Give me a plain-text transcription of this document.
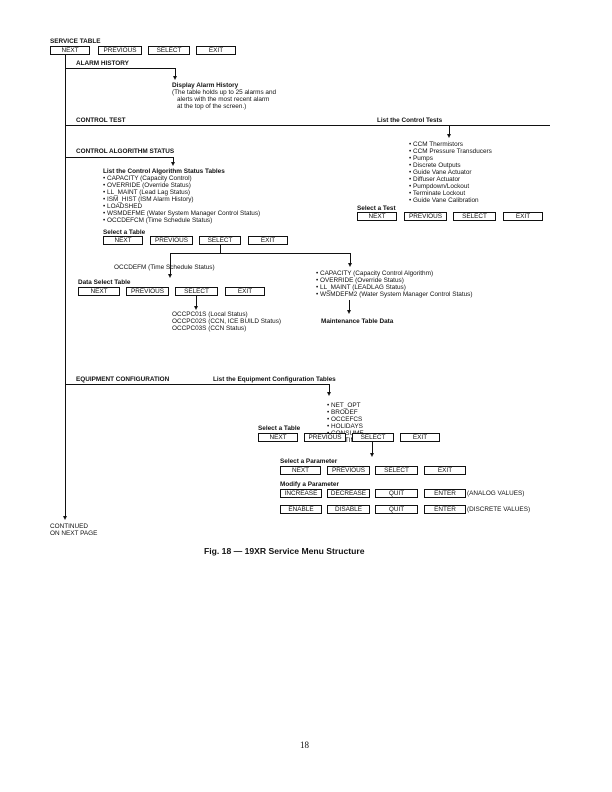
SERVICE TABLE
NEXT	PREVIOUS	SELECT	EXIT
ALARM HISTORY
Display Alarm History
(The table holds up to 25 alarms and
alerts with the most recent alarm
at the top of the screen.)
CONTROL TEST	List the Control Tests
• CCM Thermistors
• CCM Pressure Transducers
• Pumps
• Discrete Outputs
• Guide Vane Actuator
• Diffuser Actuator
• Pumpdown/Lockout
• Terminate Lockout
• Guide Vane Calibration
Select a Test
NEXT	PREVIOUS	SELECT	EXIT
CONTROL ALGORITHM STATUS
List the Control Algorithm Status Tables
• CAPACITY (Capacity Control)
• OVERRIDE (Override Status)
• LL_MAINT (Lead Lag Status)
• ISM_HIST (ISM Alarm History)
• LOADSHED
• WSMDEFME (Water System Manager Control Status)
• OCCDEFCM (Time Schedule Status)
Select a Table
NEXT	PREVIOUS	SELECT	EXIT
OCCDEFM (Time Schedule Status)
Data Select Table
NEXT	PREVIOUS	SELECT	EXIT
OCCPC01S (Local Status)
OCCPC02S (CCN, ICE BUILD Status)
OCCPC03S (CCN Status)
• CAPACITY (Capacity Control Algorithm)
• OVERRIDE (Override Status)
• LL_MAINT (LEADLAG Status)
• WSMDEFM2 (Water System Manager Control Status)
Maintenance Table Data
EQUIPMENT CONFIGURATION	List the Equipment Configuration Tables
• NET_OPT
• BRODEF
• OCCEFCS
• HOLIDAYS
CONSUME
Select a Table
NEXT	PREVIOUS	SELECT	EXIT
Select a Parameter
NEXT	PREVIOUS	SELECT	EXIT
Modify a Parameter
INCREASE	DECREASE	QUIT	ENTER	(ANALOG VALUES)
ENABLE	DISABLE	QUIT	ENTER	(DISCRETE VALUES)
CONTINUED
ON NEXT PAGE
Fig. 18 — 19XR Service Menu Structure
18
